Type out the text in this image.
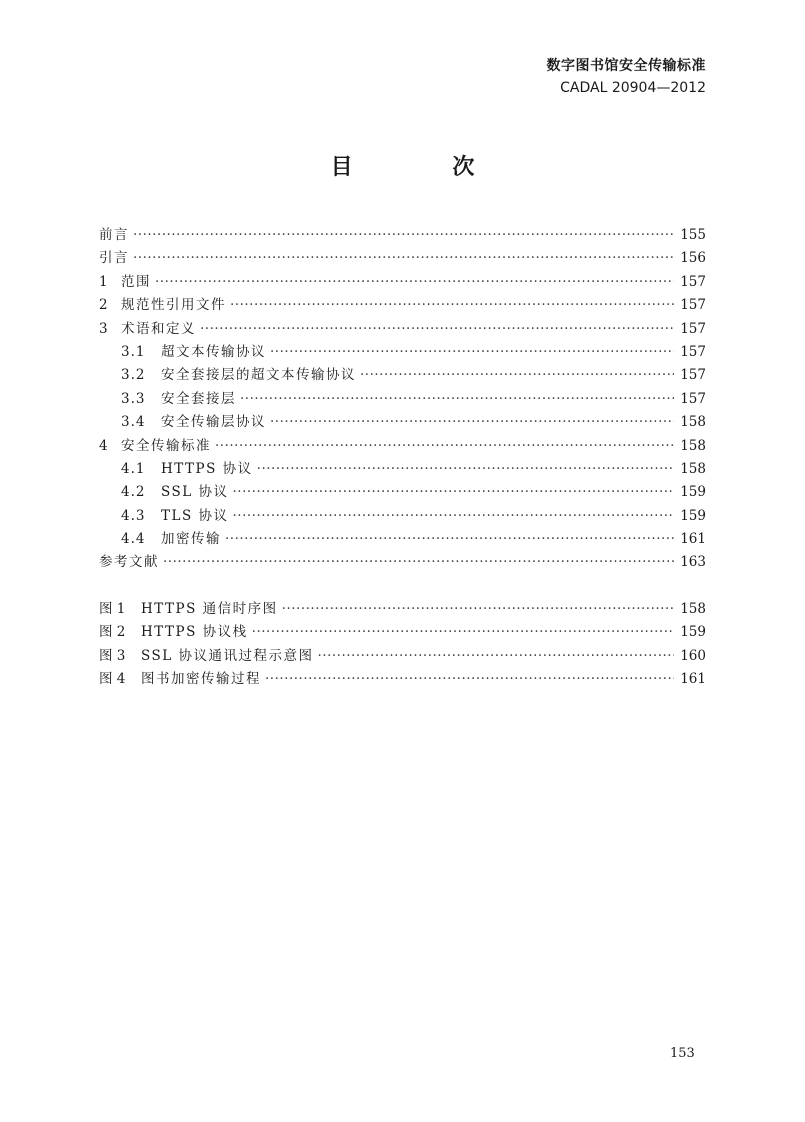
数字图书馆安全传输标准
CADAL 20904—2012
目 次
前言 ·····	155
引言 ·····	156
1 范围 ·····	157
2 规范性引用文件 ·····	157
3 术语和定义 ·····	157
3.1	超文本传输协议 ·····	157
3.2	安全套接层的超文本传输协议 ·····	157
3.3	安全套接层 ·····	157
3.4	安全传输层协议 ·····	158
4 安全传输标准 ·····	158
4.1	HTTPS 协议 ·····	158
4.2	SSL 协议 ·····	159
4.3	TLS 协议 ·····	159
4.4	加密传输 ·····	161
参考文献 ·····	163
图 1	HTTPS 通信时序图 ·····	158
图 2	HTTPS 协议栈 ·····	159
图 3	SSL 协议通讯过程示意图 ·····	160
图 4	图书加密传输过程 ·····	161
153
